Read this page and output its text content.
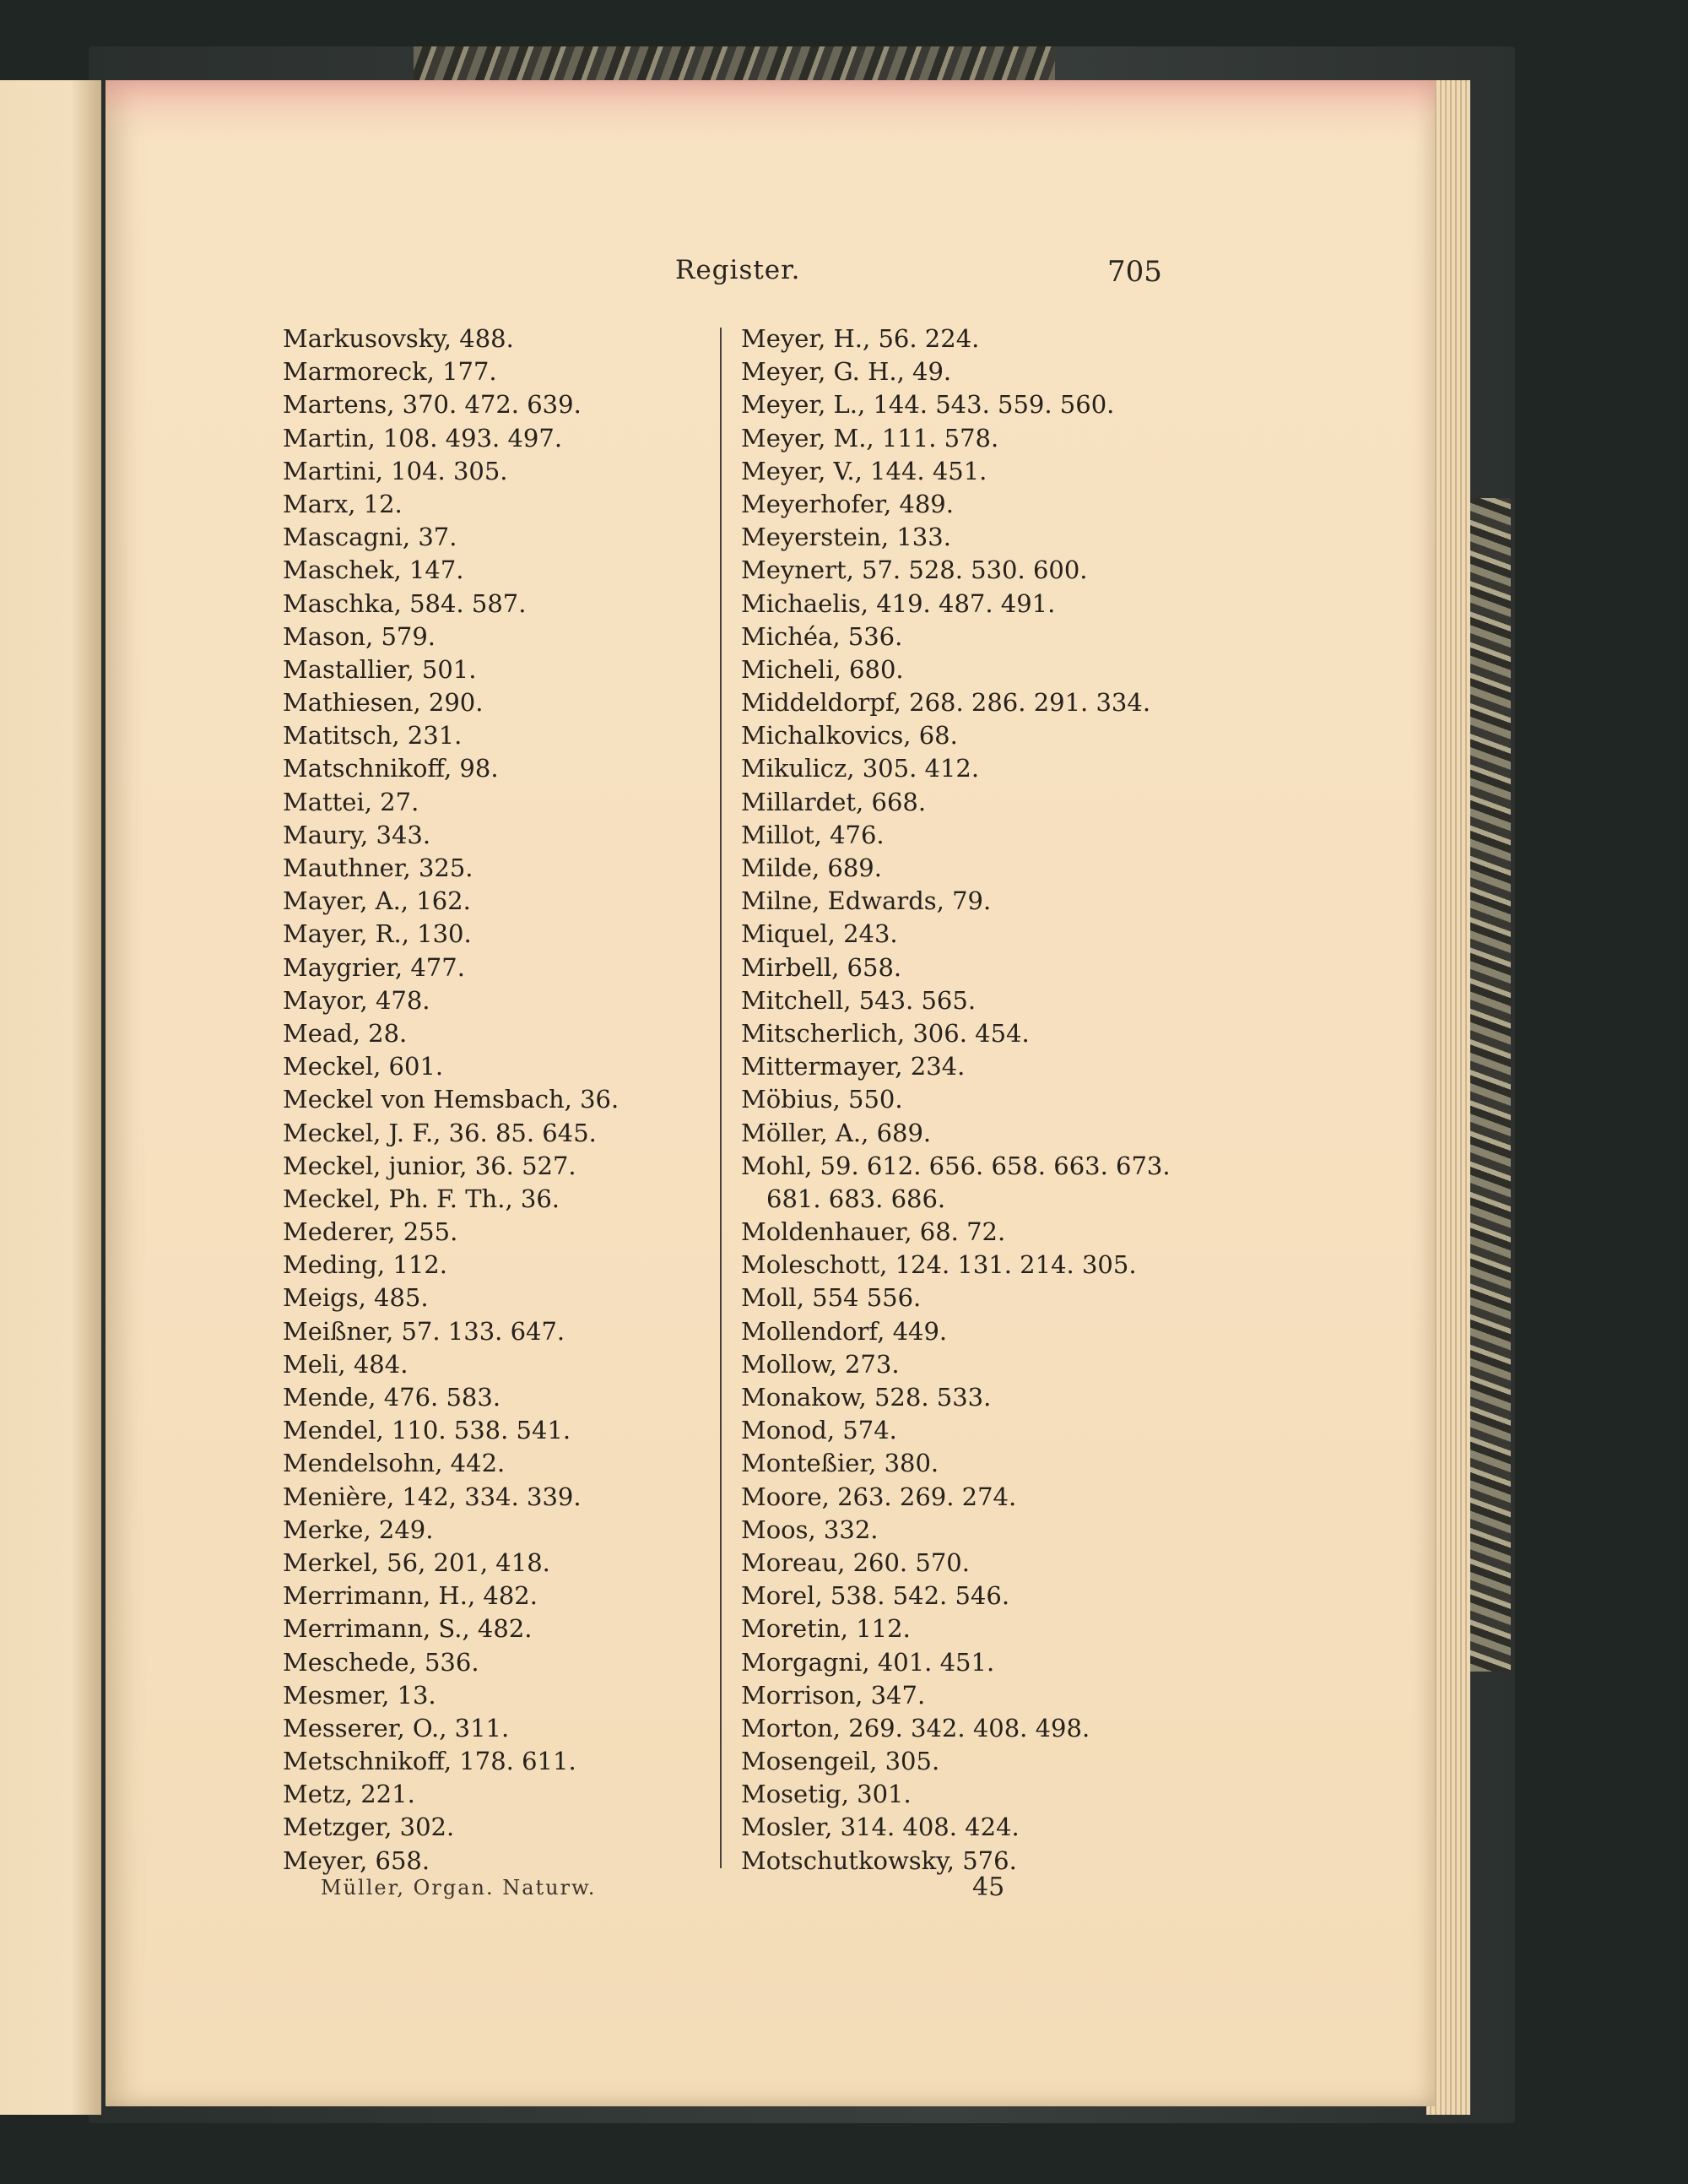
Register.	705
Markusovsky, 488.
Marmoreck, 177.
Martens, 370. 472. 639.
Martin, 108. 493. 497.
Martini, 104. 305.
Marx, 12.
Mascagni, 37.
Maschek, 147.
Maschka, 584. 587.
Mason, 579.
Mastallier, 501.
Mathiesen, 290.
Matitsch, 231.
Matschnikoff, 98.
Mattei, 27.
Maury, 343.
Mauthner, 325.
Mayer, A., 162.
Mayer, R., 130.
Maygrier, 477.
Mayor, 478.
Mead, 28.
Meckel, 601.
Meckel von Hemsbach, 36.
Meckel, J. F., 36. 85. 645.
Meckel, junior, 36. 527.
Meckel, Ph. F. Th., 36.
Mederer, 255.
Meding, 112.
Meigs, 485.
Meißner, 57. 133. 647.
Meli, 484.
Mende, 476. 583.
Mendel, 110. 538. 541.
Mendelsohn, 442.
Menière, 142, 334. 339.
Merke, 249.
Merkel, 56, 201, 418.
Merrimann, H., 482.
Merrimann, S., 482.
Meschede, 536.
Mesmer, 13.
Messerer, O., 311.
Metschnikoff, 178. 611.
Metz, 221.
Metzger, 302.
Meyer, 658.
Meyer, H., 56. 224.
Meyer, G. H., 49.
Meyer, L., 144. 543. 559. 560.
Meyer, M., 111. 578.
Meyer, V., 144. 451.
Meyerhofer, 489.
Meyerstein, 133.
Meynert, 57. 528. 530. 600.
Michaelis, 419. 487. 491.
Michéa, 536.
Micheli, 680.
Middeldorpf, 268. 286. 291. 334.
Michalkovics, 68.
Mikulicz, 305. 412.
Millardet, 668.
Millot, 476.
Milde, 689.
Milne, Edwards, 79.
Miquel, 243.
Mirbell, 658.
Mitchell, 543. 565.
Mitscherlich, 306. 454.
Mittermayer, 234.
Möbius, 550.
Möller, A., 689.
Mohl, 59. 612. 656. 658. 663. 673.
681. 683. 686.
Moldenhauer, 68. 72.
Moleschott, 124. 131. 214. 305.
Moll, 554 556.
Mollendorf, 449.
Mollow, 273.
Monakow, 528. 533.
Monod, 574.
Monteßier, 380.
Moore, 263. 269. 274.
Moos, 332.
Moreau, 260. 570.
Morel, 538. 542. 546.
Moretin, 112.
Morgagni, 401. 451.
Morrison, 347.
Morton, 269. 342. 408. 498.
Mosengeil, 305.
Mosetig, 301.
Mosler, 314. 408. 424.
Motschutkowsky, 576.
Müller, Organ. Naturw.	45
